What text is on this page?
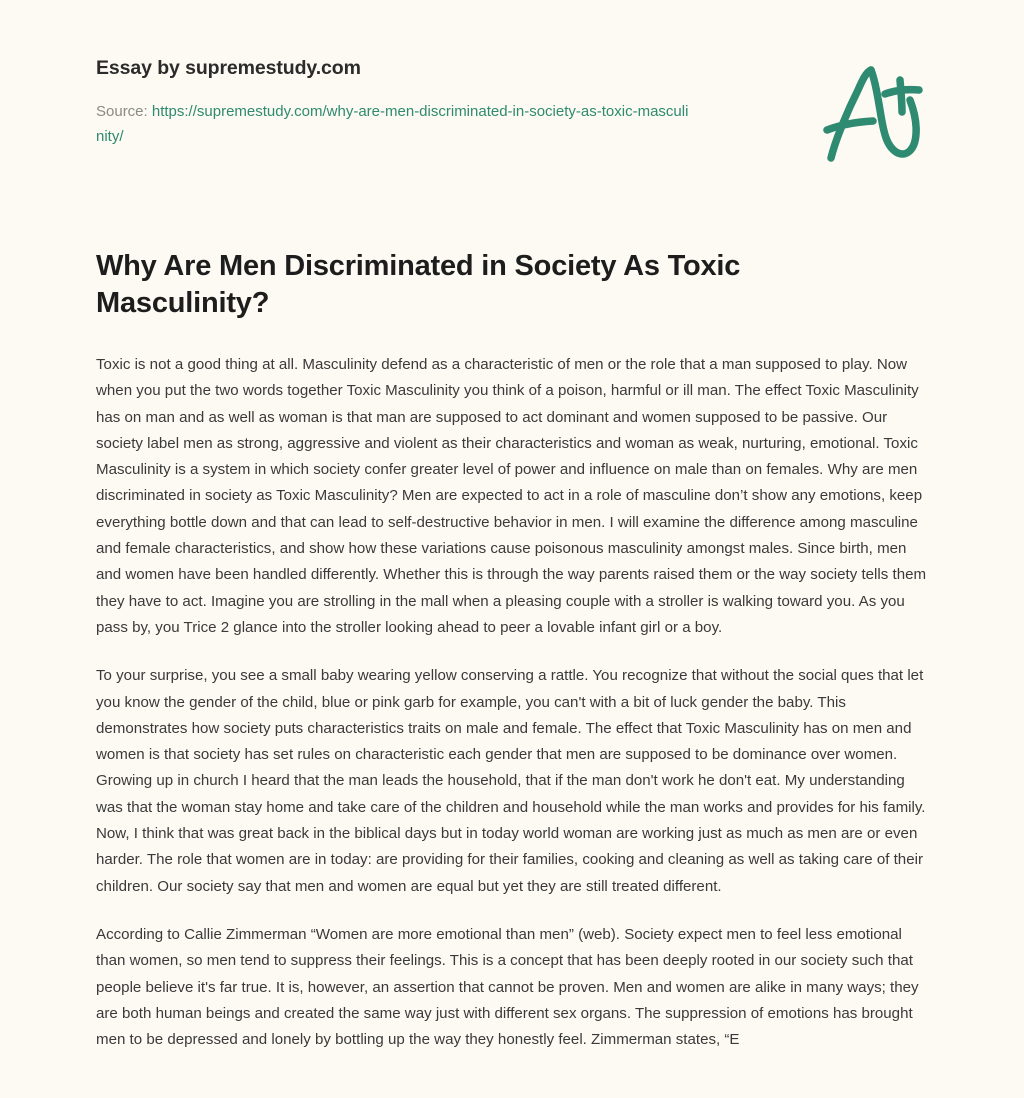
Essay by supremestudy.com
Source: https://supremestudy.com/why-are-men-discriminated-in-society-as-toxic-masculinity/
Why Are Men Discriminated in Society As Toxic Masculinity?

Toxic is not a good thing at all. Masculinity defend as a characteristic of men or the role that a man supposed to play. Now when you put the two words together Toxic Masculinity you think of a poison, harmful or ill man. The effect Toxic Masculinity has on man and as well as woman is that man are supposed to act dominant and women supposed to be passive. Our society label men as strong, aggressive and violent as their characteristics and woman as weak, nurturing, emotional. Toxic Masculinity is a system in which society confer greater level of power and influence on male than on females. Why are men discriminated in society as Toxic Masculinity? Men are expected to act in a role of masculine don’t show any emotions, keep everything bottle down and that can lead to self-destructive behavior in men. I will examine the difference among masculine and female characteristics, and show how these variations cause poisonous masculinity amongst males. Since birth, men and women have been handled differently. Whether this is through the way parents raised them or the way society tells them they have to act. Imagine you are strolling in the mall when a pleasing couple with a stroller is walking toward you. As you pass by, you Trice 2 glance into the stroller looking ahead to peer a lovable infant girl or a boy.

To your surprise, you see a small baby wearing yellow conserving a rattle. You recognize that without the social ques that let you know the gender of the child, blue or pink garb for example, you can't with a bit of luck gender the baby. This demonstrates how society puts characteristics traits on male and female. The effect that Toxic Masculinity has on men and women is that society has set rules on characteristic each gender that men are supposed to be dominance over women. Growing up in church I heard that the man leads the household, that if the man don't work he don't eat. My understanding was that the woman stay home and take care of the children and household while the man works and provides for his family. Now, I think that was great back in the biblical days but in today world woman are working just as much as men are or even harder. The role that women are in today: are providing for their families, cooking and cleaning as well as taking care of their children. Our society say that men and women are equal but yet they are still treated different.

According to Callie Zimmerman “Women are more emotional than men” (web). Society expect men to feel less emotional than women, so men tend to suppress their feelings. This is a concept that has been deeply rooted in our society such that people believe it's far true. It is, however, an assertion that cannot be proven. Men and women are alike in many ways; they are both human beings and created the same way just with different sex organs. The suppression of emotions has brought men to be depressed and lonely by bottling up the way they honestly feel. Zimmerman states, “E
